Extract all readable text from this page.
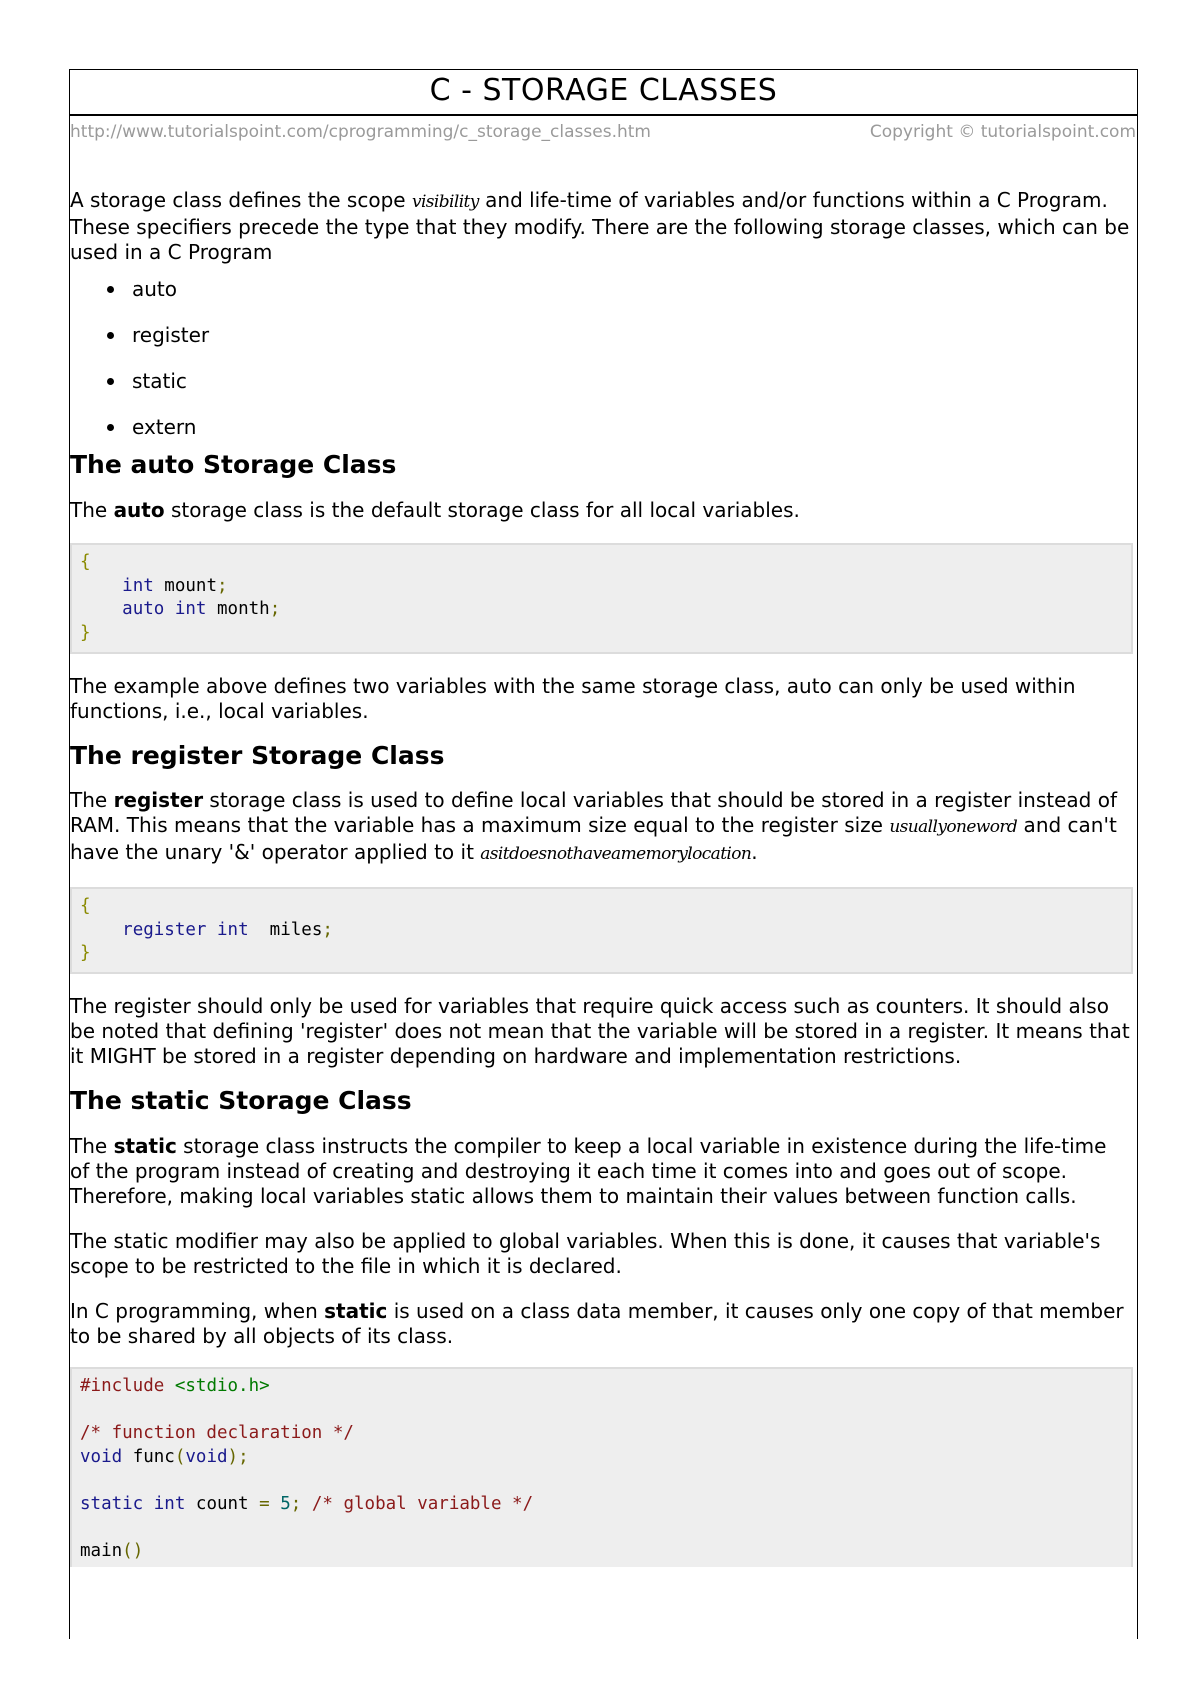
C - STORAGE CLASSES
http://www.tutorialspoint.com/cprogramming/c_storage_classes.htm	Copyright © tutorialspoint.com

A storage class defines the scope visibility and life-time of variables and/or functions within a C Program. These specifiers precede the type that they modify. There are the following storage classes, which can be used in a C Program

auto
register
static
extern
The auto Storage Class

The auto storage class is the default storage class for all local variables.

{
int mount;
auto int month;
}

The example above defines two variables with the same storage class, auto can only be used within functions, i.e., local variables.

The register Storage Class

The register storage class is used to define local variables that should be stored in a register instead of RAM. This means that the variable has a maximum size equal to the register size usuallyoneword and can't have the unary '&' operator applied to it asitdoesnothaveamemorylocation.

{
register int  miles;
}

The register should only be used for variables that require quick access such as counters. It should also be noted that defining 'register' does not mean that the variable will be stored in a register. It means that it MIGHT be stored in a register depending on hardware and implementation restrictions.

The static Storage Class

The static storage class instructs the compiler to keep a local variable in existence during the life-time of the program instead of creating and destroying it each time it comes into and goes out of scope. Therefore, making local variables static allows them to maintain their values between function calls.

The static modifier may also be applied to global variables. When this is done, it causes that variable's scope to be restricted to the file in which it is declared.

In C programming, when static is used on a class data member, it causes only one copy of that member to be shared by all objects of its class.

#include <stdio.h>

/* function declaration */
void func(void);

static int count = 5; /* global variable */

main()
